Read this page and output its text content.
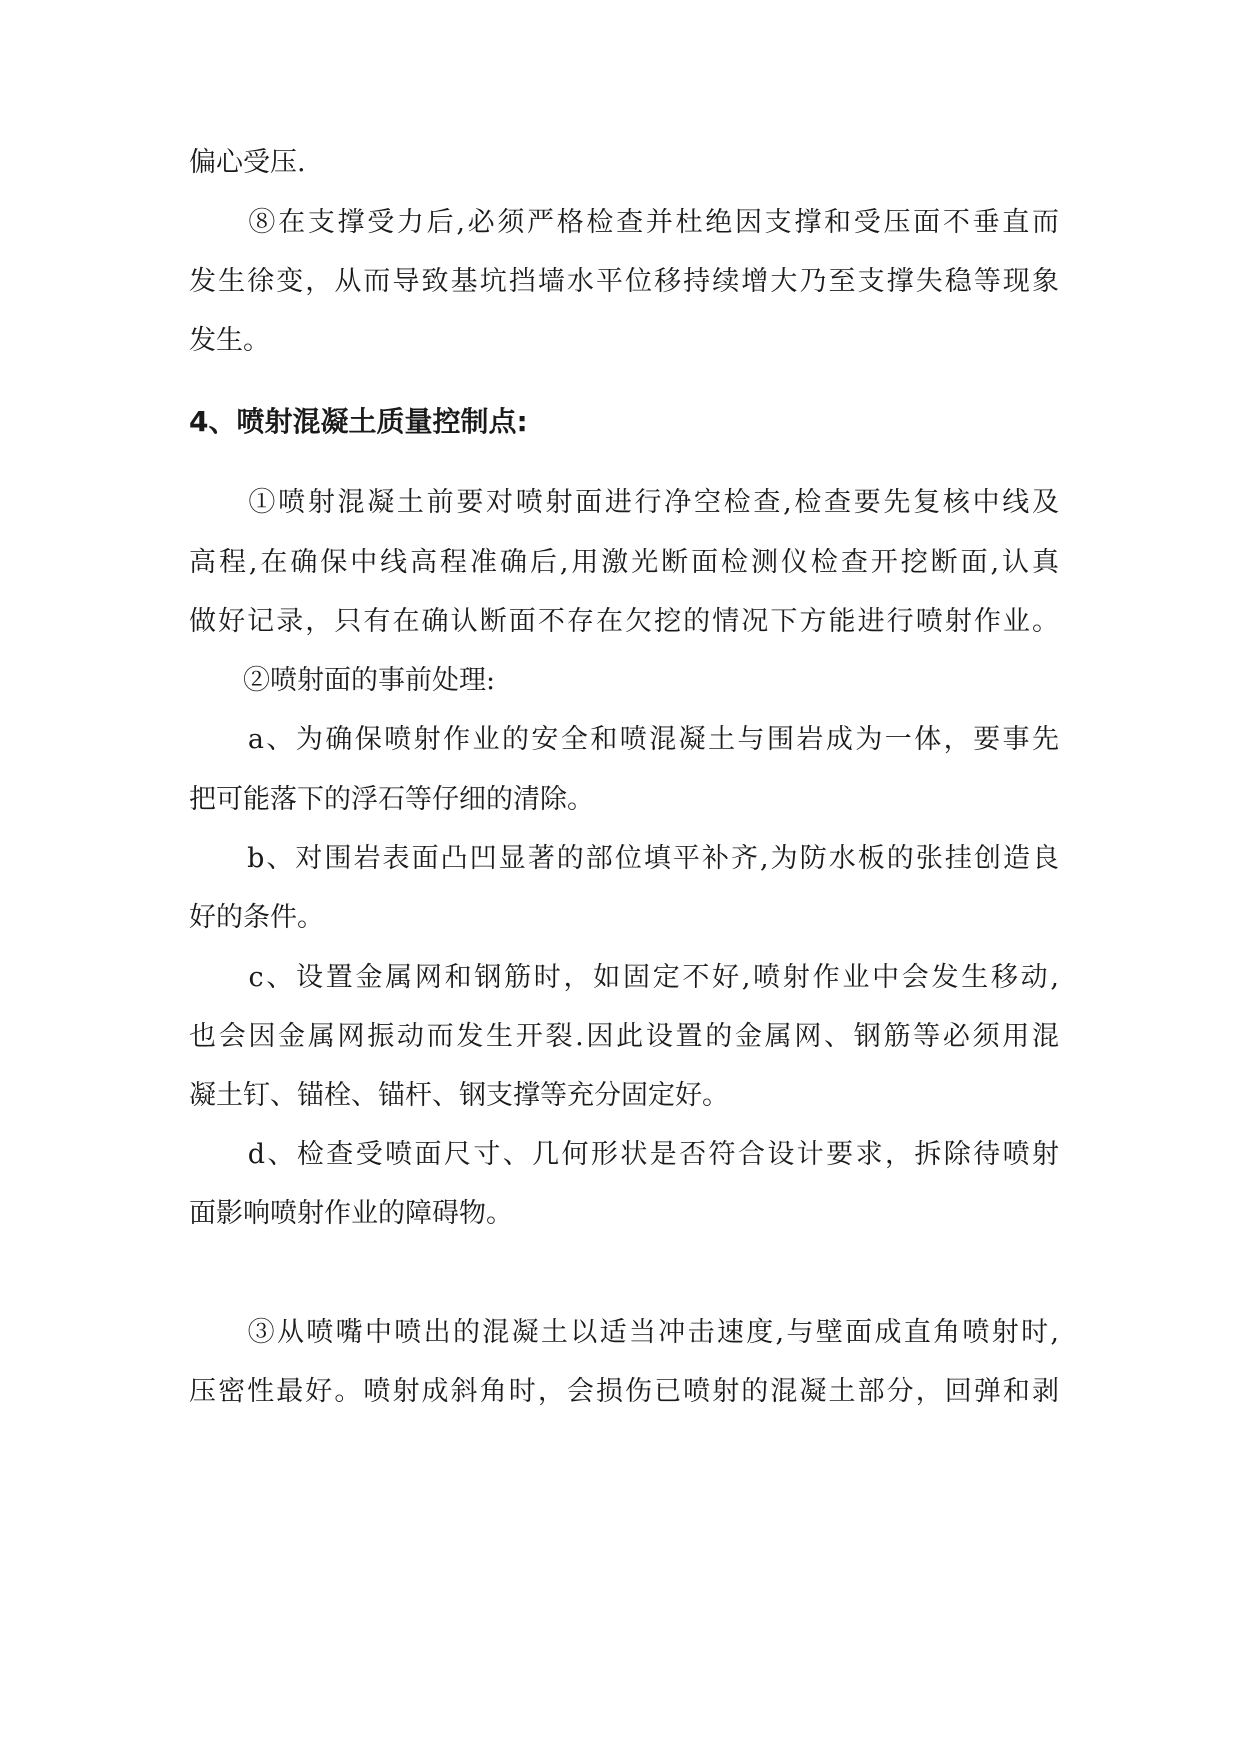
偏心受压.
　　⑧在支撑受力后,必须严格检查并杜绝因支撑和受压面不垂直而
发生徐变，从而导致基坑挡墙水平位移持续增大乃至支撑失稳等现象
发生。
4、喷射混凝土质量控制点:
　　①喷射混凝土前要对喷射面进行净空检查,检查要先复核中线及
高程,在确保中线高程准确后,用激光断面检测仪检查开挖断面,认真
做好记录，只有在确认断面不存在欠挖的情况下方能进行喷射作业。
　　②喷射面的事前处理:
　　a、为确保喷射作业的安全和喷混凝土与围岩成为一体，要事先
把可能落下的浮石等仔细的清除。
　　b、对围岩表面凸凹显著的部位填平补齐,为防水板的张挂创造良
好的条件。
　　c、设置金属网和钢筋时，如固定不好,喷射作业中会发生移动,
也会因金属网振动而发生开裂.因此设置的金属网、钢筋等必须用混
凝土钉、锚栓、锚杆、钢支撑等充分固定好。
　　d、检查受喷面尺寸、几何形状是否符合设计要求，拆除待喷射
面影响喷射作业的障碍物。
　　③从喷嘴中喷出的混凝土以适当冲击速度,与壁面成直角喷射时,
压密性最好。喷射成斜角时，会损伤已喷射的混凝土部分，回弹和剥
